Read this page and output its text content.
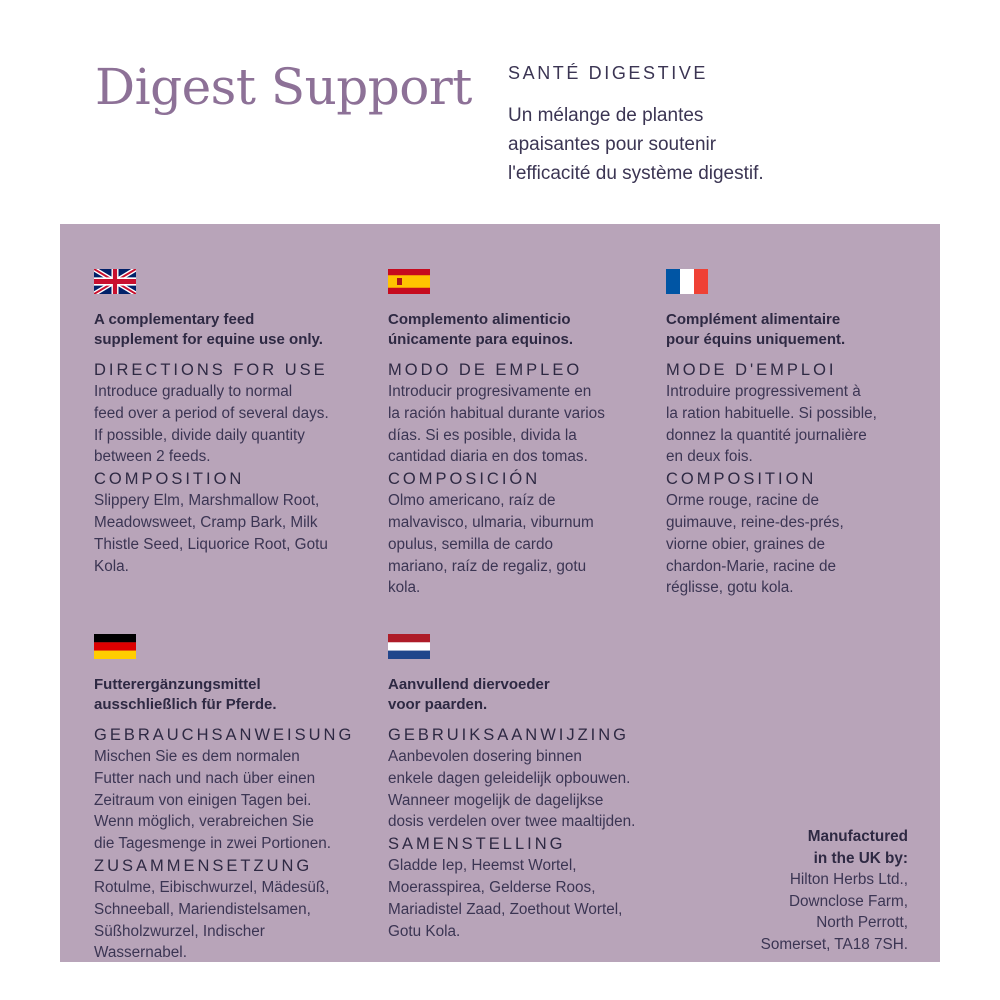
Digest Support SANTÉ DIGESTIVE
Un mélange de plantes
apaisantes pour soutenir
l'efficacité du système digestif.
A complementary feed
supplement for equine use only.
DIRECTIONS FOR USE
Introduce gradually to normal
feed over a period of several days.
If possible, divide daily quantity
between 2 feeds.
COMPOSITION
Slippery Elm, Marshmallow Root,
Meadowsweet, Cramp Bark, Milk
Thistle Seed, Liquorice Root, Gotu
Kola.
Complemento alimenticio
únicamente para equinos.
MODO DE EMPLEO
Introducir progresivamente en
la ración habitual durante varios
días. Si es posible, divida la
cantidad diaria en dos tomas.
COMPOSICIÓN
Olmo americano, raíz de
malvavisco, ulmaria, viburnum
opulus, semilla de cardo
mariano, raíz de regaliz, gotu
kola.
Complément alimentaire
pour équins uniquement.
MODE D'EMPLOI
Introduire progressivement à
la ration habituelle. Si possible,
donnez la quantité journalière
en deux fois.
COMPOSITION
Orme rouge, racine de
guimauve, reine-des-prés,
viorne obier, graines de
chardon-Marie, racine de
réglisse, gotu kola.
Futterergänzungsmittel
ausschließlich für Pferde.
GEBRAUCHSANWEISUNG
Mischen Sie es dem normalen
Futter nach und nach über einen
Zeitraum von einigen Tagen bei.
Wenn möglich, verabreichen Sie
die Tagesmenge in zwei Portionen.
ZUSAMMENSETZUNG
Rotulme, Eibischwurzel, Mädesüß,
Schneeball, Mariendistelsamen,
Süßholzwurzel, Indischer
Wassernabel.
Aanvullend diervoeder
voor paarden.
GEBRUIKSAANWIJZING
Aanbevolen dosering binnen
enkele dagen geleidelijk opbouwen.
Wanneer mogelijk de dagelijkse
dosis verdelen over twee maaltijden.
SAMENSTELLING
Gladde Iep, Heemst Wortel,
Moerasspirea, Gelderse Roos,
Mariadistel Zaad, Zoethout Wortel,
Gotu Kola.
Manufactured
in the UK by:
Hilton Herbs Ltd.,
Downclose Farm,
North Perrott,
Somerset, TA18 7SH.
